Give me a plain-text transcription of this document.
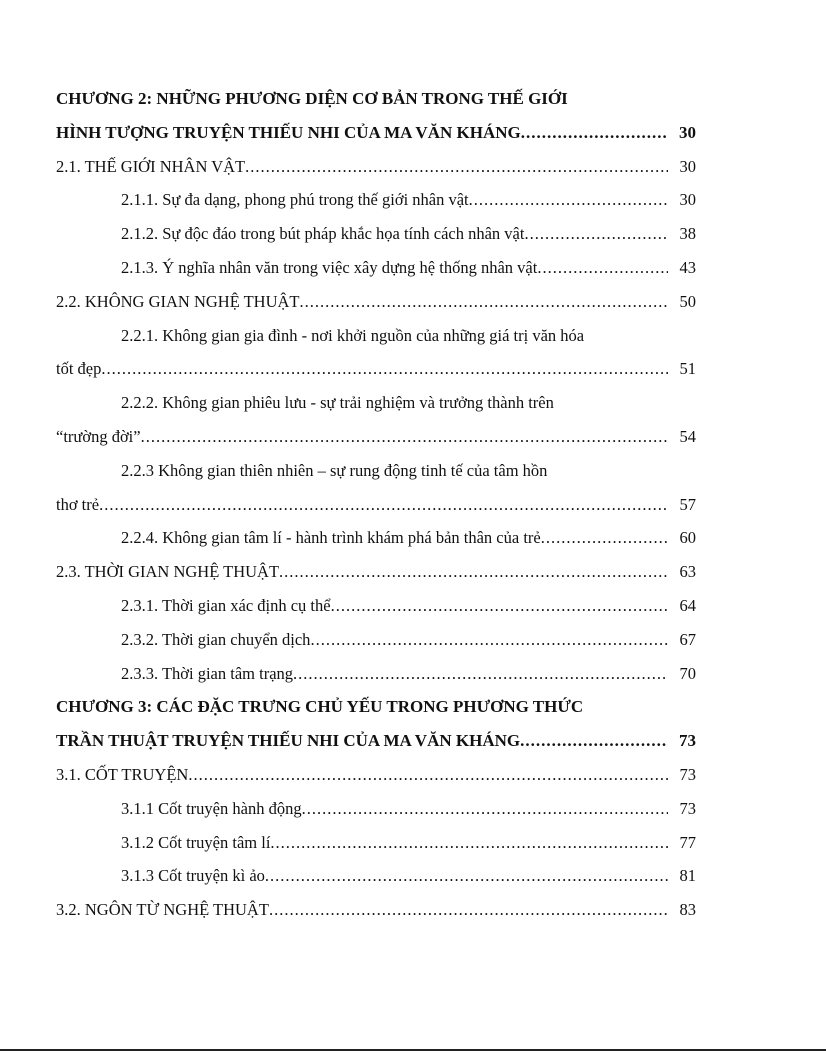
CHƯƠNG 2: NHỮNG PHƯƠNG DIỆN CƠ BẢN TRONG THẾ GIỚI
HÌNH TƯỢNG TRUYỆN THIẾU NHI CỦA MA VĂN KHÁNG .....	30
2.1. THẾ GIỚI NHÂN VẬT .....	30
2.1.1. Sự đa dạng, phong phú trong thế giới nhân vật .....	30
2.1.2. Sự độc đáo trong bút pháp khắc họa tính cách nhân vật .....	38
2.1.3. Ý nghĩa nhân văn trong việc xây dựng hệ thống nhân vật .....	43
2.2. KHÔNG GIAN NGHỆ THUẬT .....	50
2.2.1. Không gian gia đình - nơi khởi nguồn của những giá trị văn hóa
tốt đẹp .....	51
2.2.2. Không gian phiêu lưu - sự trải nghiệm và trưởng thành trên
“trường đời” .....	54
2.2.3 Không gian thiên nhiên – sự rung động tinh tế của tâm hồn
thơ trẻ .....	57
2.2.4. Không gian tâm lí - hành trình khám phá bản thân của trẻ .....	60
2.3. THỜI GIAN NGHỆ THUẬT .....	63
2.3.1. Thời gian xác định cụ thể .....	64
2.3.2. Thời gian chuyển dịch .....	67
2.3.3. Thời gian tâm trạng .....	70
CHƯƠNG 3: CÁC ĐẶC TRƯNG CHỦ YẾU TRONG PHƯƠNG THỨC
TRẦN THUẬT TRUYỆN THIẾU NHI CỦA MA VĂN KHÁNG .....	73
3.1. CỐT TRUYỆN .....	73
3.1.1 Cốt truyện hành động .....	73
3.1.2 Cốt truyện tâm lí .....	77
3.1.3 Cốt truyện kì ảo .....	81
3.2. NGÔN TỪ NGHỆ THUẬT .....	83
